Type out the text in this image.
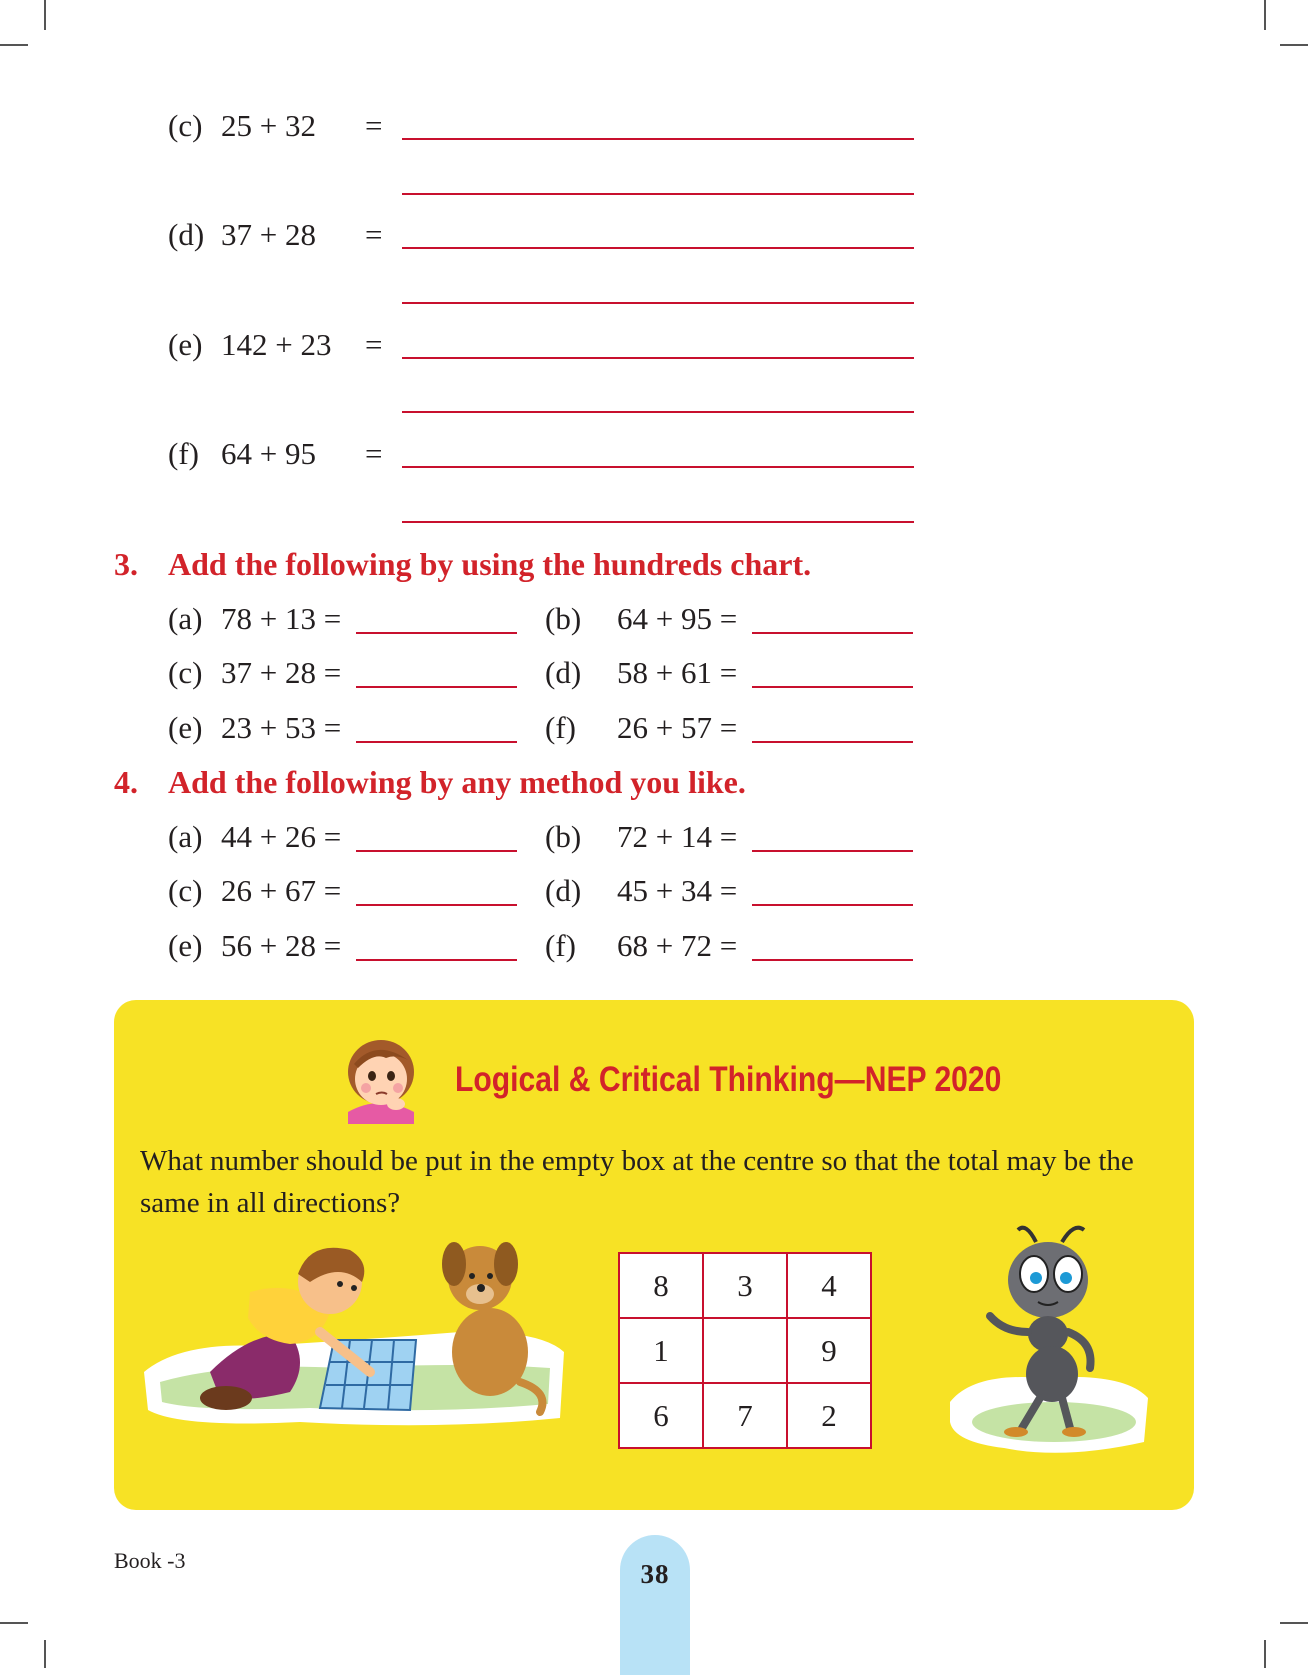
(c) 25 + 32 =
(d) 37 + 28 =
(e) 142 + 23 =
(f) 64 + 95 =
3. Add the following by using the hundreds chart.
(a) 78 + 13 =	(b) 64 + 95 =
(c) 37 + 28 =	(d) 58 + 61 =
(e) 23 + 53 =	(f) 26 + 57 =
4. Add the following by any method you like.
(a) 44 + 26 =	(b) 72 + 14 =
(c) 26 + 67 =	(d) 45 + 34 =
(e) 56 + 28 =	(f) 68 + 72 =
Logical & Critical Thinking—NEP 2020
What number should be put in the empty box at the centre so that the total may be the same in all directions?
8	3	4
1		9
6	7	2
Book -3	38
